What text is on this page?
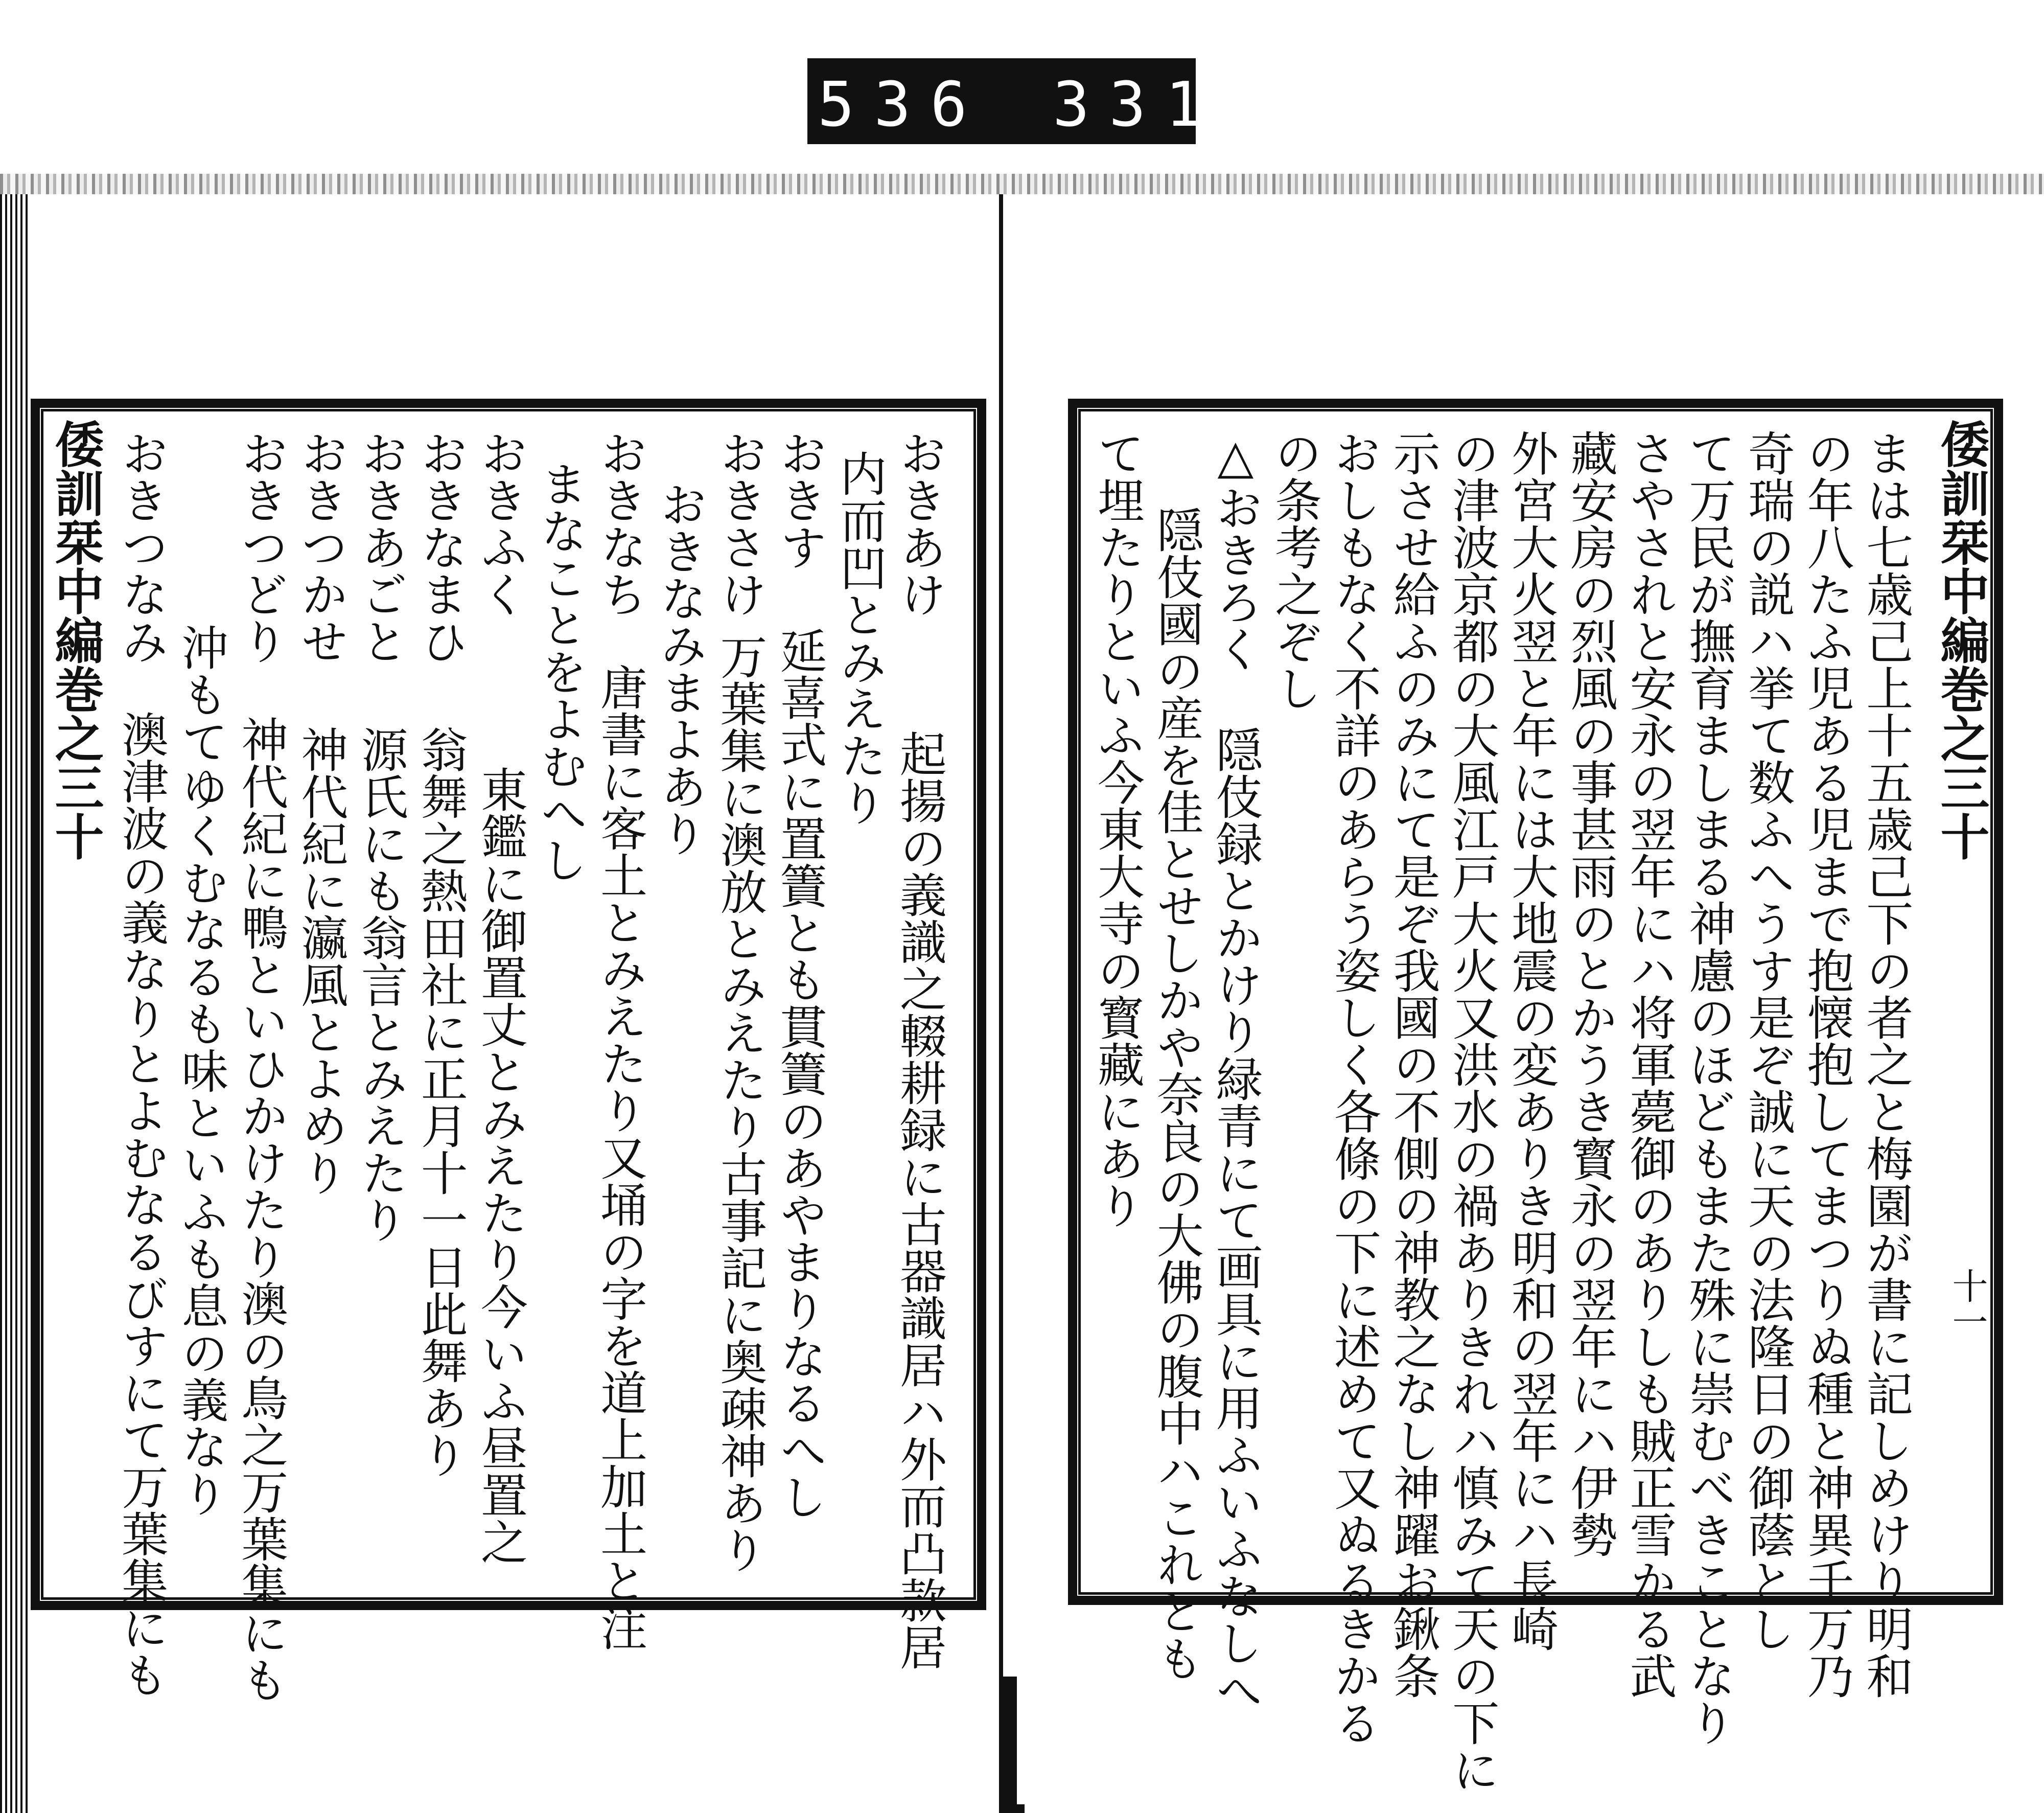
536 331.
倭訓栞中編巻之三十	おきあけ
起揚の義識之輟耕録に古器識居ハ外而凸款居
内而凹とみえたり
おきす
延喜式に置簀とも貫簀のあやまりなるへし
おきさけ
万葉集に澳放とみえたり古事記に奥疎神あり
おきなみまよあり
おきなち
唐書に客土とみえたり又埇の字を道上加土と注
まなことをよむへし
おきふく
東鑑に御置丈とみえたり今いふ昼置之
おきなまひ
翁舞之熱田社に正月十一日此舞あり
おきあごと
源氏にも翁言とみえたり
おきつかせ
神代紀に瀛風とよめり
おきつどり
神代紀に鴨といひかけたり澳の鳥之万葉集にも
沖もてゆくむなるも味といふも息の義なり
おきつなみ
澳津波の義なりとよむなるびすにて万葉集にも
倭訓栞中編巻之三十
十一
まは七歳己上十五歳己下の者之と梅園が書に記しめけり明和
の年八たふ児ある児まで抱懐抱してまつりぬ種と神異千万乃
奇瑞の説ハ挙て数ふへうす是ぞ誠に天の法隆日の御蔭とし
て万民が撫育ましまる神慮のほどもまた殊に崇むべきことなり
さやされと安永の翌年にハ将軍薨御のありしも賊正雪かる武
藏安房の烈風の事甚雨のとかうき寳永の翌年にハ伊勢
外宮大火翌と年には大地震の変ありき明和の翌年にハ長崎
の津波京都の大風江戸大火又洪水の禍ありきれハ慎みて天の下に
示させ給ふのみにて是ぞ我國の不側の神教之なし神躍お鍬条
おしもなく不詳のあらう姿しく各條の下に述めて又ぬるきかる
の条考之ぞし
△おきろく
隠伎録とかけり緑青にて画具に用ふいふなしへ
隠伎國の産を佳とせしかや奈良の大佛の腹中ハこれとも
て埋たりといふ今東大寺の寳藏にあり
